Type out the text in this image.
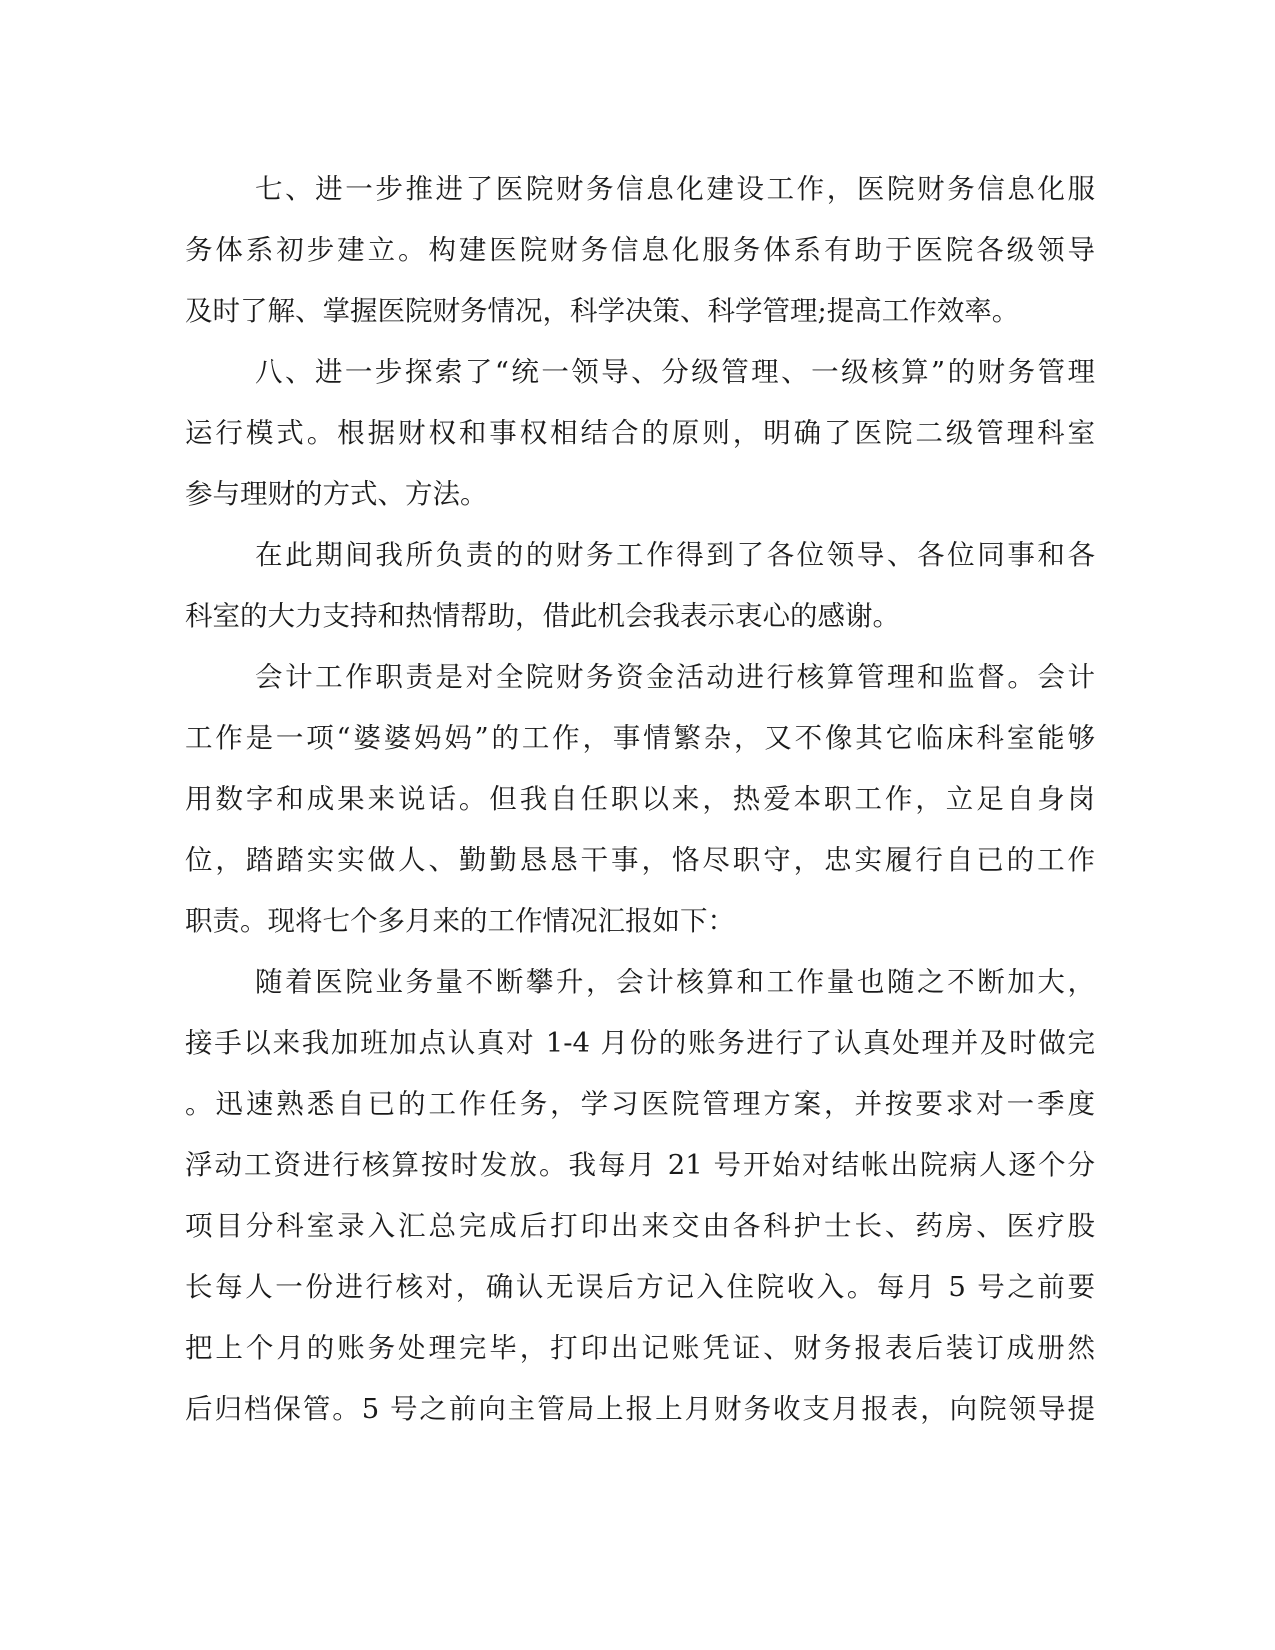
七、进一步推进了医院财务信息化建设工作，医院财务信息化服
务体系初步建立。构建医院财务信息化服务体系有助于医院各级领导
及时了解、掌握医院财务情况，科学决策、科学管理;提高工作效率。
八、进一步探索了“统一领导、分级管理、一级核算”的财务管理
运行模式。根据财权和事权相结合的原则，明确了医院二级管理科室
参与理财的方式、方法。
在此期间我所负责的的财务工作得到了各位领导、各位同事和各
科室的大力支持和热情帮助，借此机会我表示衷心的感谢。
会计工作职责是对全院财务资金活动进行核算管理和监督。会计
工作是一项“婆婆妈妈”的工作，事情繁杂，又不像其它临床科室能够
用数字和成果来说话。但我自任职以来，热爱本职工作，立足自身岗
位，踏踏实实做人、勤勤恳恳干事，恪尽职守，忠实履行自已的工作
职责。现将七个多月来的工作情况汇报如下：
随着医院业务量不断攀升，会计核算和工作量也随之不断加大，
接手以来我加班加点认真对 1-4 月份的账务进行了认真处理并及时做完
。迅速熟悉自已的工作任务，学习医院管理方案，并按要求对一季度
浮动工资进行核算按时发放。我每月 21 号开始对结帐出院病人逐个分
项目分科室录入汇总完成后打印出来交由各科护士长、药房、医疗股
长每人一份进行核对，确认无误后方记入住院收入。每月 5 号之前要
把上个月的账务处理完毕，打印出记账凭证、财务报表后装订成册然
后归档保管。5 号之前向主管局上报上月财务收支月报表，向院领导提
